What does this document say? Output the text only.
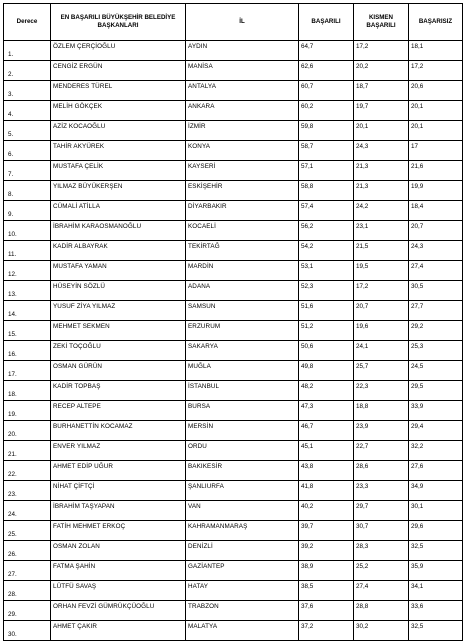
Derece	EN BAŞARILI BÜYÜKŞEHİR BELEDİYE BAŞKANLARI	İL	BAŞARILI	KISMEN BAŞARILI	BAŞARISIZ
1.	ÖZLEM ÇERÇİOĞLU	AYDIN	64,7	17,2	18,1
2.	CENGİZ ERGÜN	MANİSA	62,6	20,2	17,2
3.	MENDERES TÜREL	ANTALYA	60,7	18,7	20,6
4.	MELİH GÖKÇEK	ANKARA	60,2	19,7	20,1
5.	AZİZ KOCAOĞLU	İZMİR	59,8	20,1	20,1
6.	TAHİR AKYÜREK	KONYA	58,7	24,3	17
7.	MUSTAFA ÇELİK	KAYSERİ	57,1	21,3	21,6
8.	YILMAZ BÜYÜKERŞEN	ESKİŞEHİR	58,8	21,3	19,9
9.	CÜMALİ ATİLLA	DİYARBAKIR	57,4	24,2	18,4
10.	İBRAHİM KARAOSMANOĞLU	KOCAELİ	56,2	23,1	20,7
11.	KADİR ALBAYRAK	TEKİRTAĞ	54,2	21,5	24,3
12.	MUSTAFA YAMAN	MARDİN	53,1	19,5	27,4
13.	HÜSEYİN SÖZLÜ	ADANA	52,3	17,2	30,5
14.	YUSUF ZİYA YILMAZ	SAMSUN	51,6	20,7	27,7
15.	MEHMET SEKMEN	ERZURUM	51,2	19,6	29,2
16.	ZEKİ TOÇOĞLU	SAKARYA	50,6	24,1	25,3
17.	OSMAN GÜRÜN	MUĞLA	49,8	25,7	24,5
18.	KADİR TOPBAŞ	İSTANBUL	48,2	22,3	29,5
19.	RECEP ALTEPE	BURSA	47,3	18,8	33,9
20.	BURHANETTİN KOCAMAZ	MERSİN	46,7	23,9	29,4
21.	ENVER YILMAZ	ORDU	45,1	22,7	32,2
22.	AHMET EDİP UĞUR	BAKIKESİR	43,8	28,6	27,6
23.	NİHAT ÇİFTÇİ	ŞANLIURFA	41,8	23,3	34,9
24.	İBRAHİM TAŞYAPAN	VAN	40,2	29,7	30,1
25.	FATİH MEHMET ERKOÇ	KAHRAMANMARAŞ	39,7	30,7	29,6
26.	OSMAN ZOLAN	DENİZLİ	39,2	28,3	32,5
27.	FATMA ŞAHİN	GAZİANTEP	38,9	25,2	35,9
28.	LÜTFÜ SAVAŞ	HATAY	38,5	27,4	34,1
29.	ORHAN FEVZİ GÜMRÜKÇÜOĞLU	TRABZON	37,6	28,8	33,6
30.	AHMET ÇAKIR	MALATYA	37,2	30,2	32,5
